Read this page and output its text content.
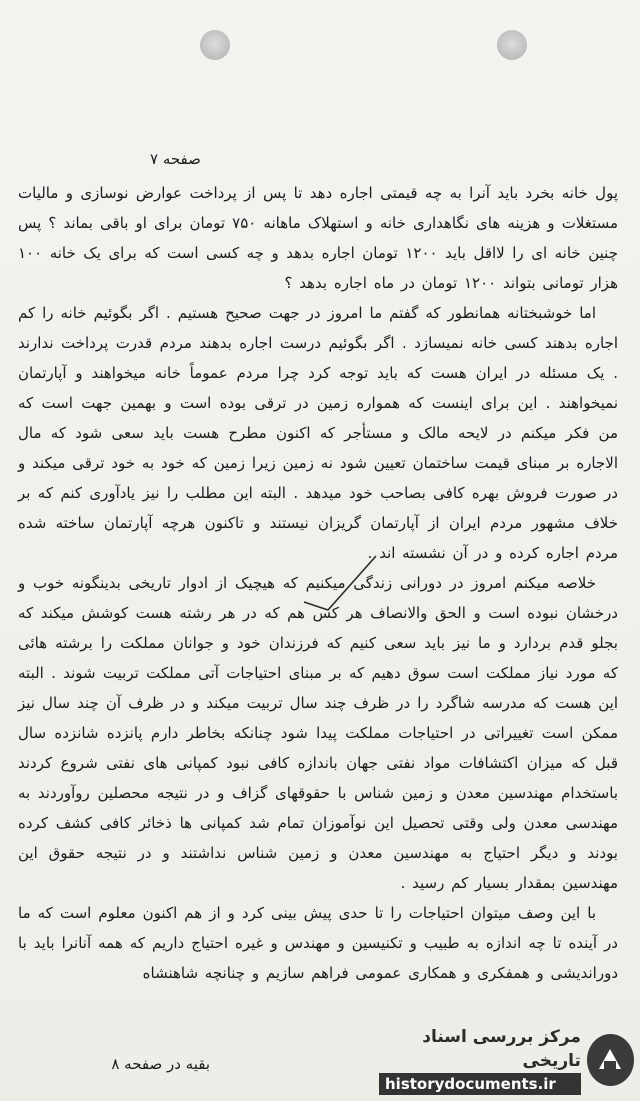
صفحه ۷

پول خانه بخرد باید آنرا به چه قیمتی اجاره دهد تا پس از پرداخت عوارض نوسازی و مالیات مستغلات و هزینه های نگاهداری خانه و استهلاک ماهانه ۷۵۰ تومان برای او باقی بماند ؟ پس چنین خانه ای را لااقل باید ۱۲۰۰ تومان اجاره بدهد و چه کسی است که برای یک خانه ۱۰۰ هزار تومانی بتواند ۱۲۰۰ تومان در ماه اجاره بدهد ؟

اما خوشبختانه همانطور که گفتم ما امروز در جهت صحیح هستیم . اگر بگوئیم خانه را کم اجاره بدهند کسی خانه نمیسازد . اگر بگوئیم درست اجاره بدهند مردم قدرت پرداخت ندارند . یک مسئله در ایران هست که باید توجه کرد چرا مردم عموماً خانه میخواهند و آپارتمان نمیخواهند . این برای اینست که همواره زمین در ترقی بوده است و بهمین جهت است که من فکر میکنم در لایحه مالک و مستأجر که اکنون مطرح هست باید سعی شود که مال الاجاره بر مبنای قیمت ساختمان تعیین شود نه زمین زیرا زمین که خود به خود ترقی میکند و در صورت فروش بهره کافی بصاحب خود میدهد . البته این مطلب را نیز یادآوری کنم که بر خلاف مشهور مردم ایران از آپارتمان گریزان نیستند و تاکنون هرچه آپارتمان ساخته شده مردم اجاره کرده و در آن نشسته اند .

خلاصه میکنم امروز در دورانی زندگی میکنیم که هیچیک از ادوار تاریخی بدینگونه خوب و درخشان نبوده است و الحق والانصاف هر کس هم که در هر رشته هست کوشش میکند که بجلو قدم بردارد و ما نیز باید سعی کنیم که فرزندان خود و جوانان مملکت را برشته هائی که مورد نیاز مملکت است سوق دهیم که بر مبنای احتیاجات آتی مملکت تربیت شوند . البته این هست که مدرسه شاگرد را در ظرف چند سال تربیت میکند و در ظرف آن چند سال نیز ممکن است تغییراتی در احتیاجات مملکت پیدا شود چنانکه بخاطر دارم پانزده شانزده سال قبل که میزان اکتشافات مواد نفتی جهان باندازه کافی نبود کمپانی های نفتی شروع کردند باستخدام مهندسین معدن و زمین شناس با حقوقهای گزاف و در نتیجه محصلین روآوردند به مهندسی معدن ولی وقتی تحصیل این نوآموزان تمام شد کمپانی ها ذخائر کافی کشف کرده بودند و دیگر احتیاج به مهندسین معدن و زمین شناس نداشتند و در نتیجه حقوق این مهندسین بمقدار بسیار کم رسید .

با این وصف میتوان احتیاجات را تا حدی پیش بینی کرد و از هم اکنون معلوم است که ما در آینده تا چه اندازه به طبیب و تکنیسین و مهندس و غیره احتیاج داریم که همه آنانرا باید با دوراندیشی و همفکری و همکاری عمومی فراهم سازیم و چنانچه شاهنشاه

بقیه در صفحه ۸
مرکز بررسی اسناد تاریخی
historydocuments.ir
